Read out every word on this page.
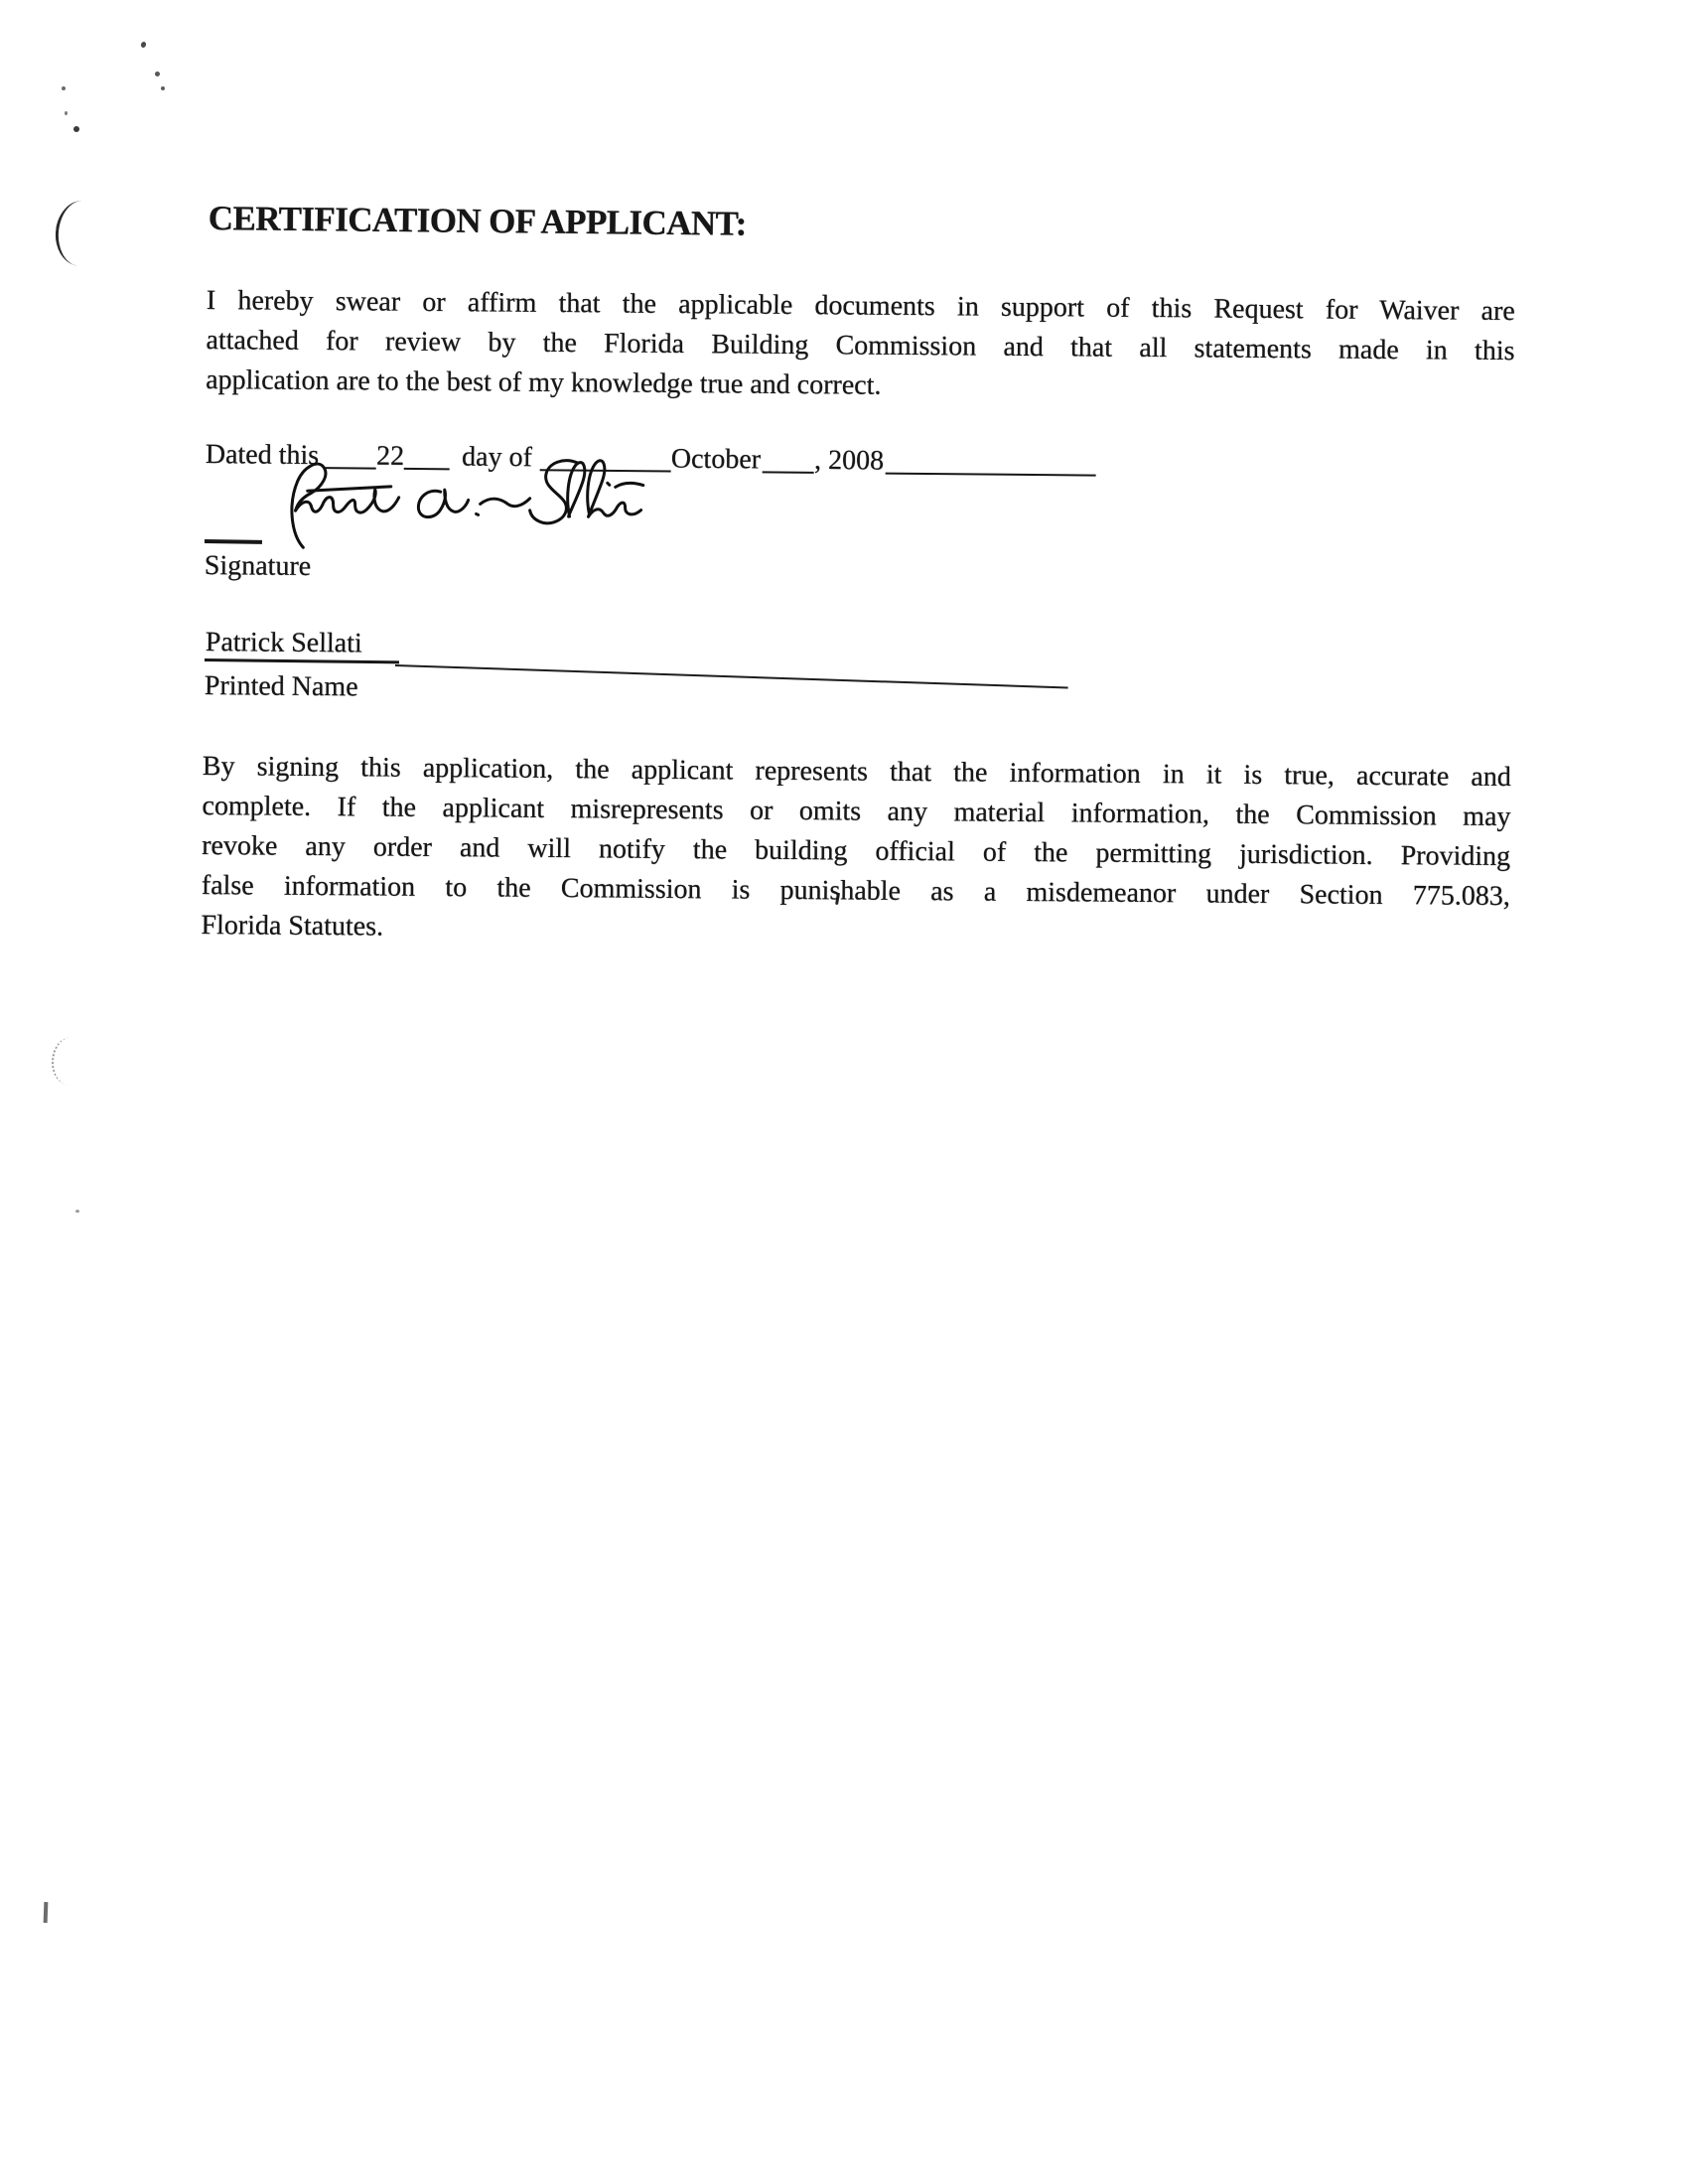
CERTIFICATION OF APPLICANT:
I hereby swear or affirm that the applicable documents in support of this Request for Waiver are
attached for review by the Florida Building Commission and that all statements made in this
application are to the best of my knowledge true and correct.
Dated this 22 day of	October , 2008
Signature
Patrick Sellati
Printed Name
By signing this application, the applicant represents that the information in it is true, accurate and
complete. If the applicant misrepresents or omits any material information, the Commission may
revoke any order and will notify the building official of the permitting jurisdiction. Providing
false information to the Commission is punishable as a misdemeanor under Section 775.083,
Florida Statutes.
